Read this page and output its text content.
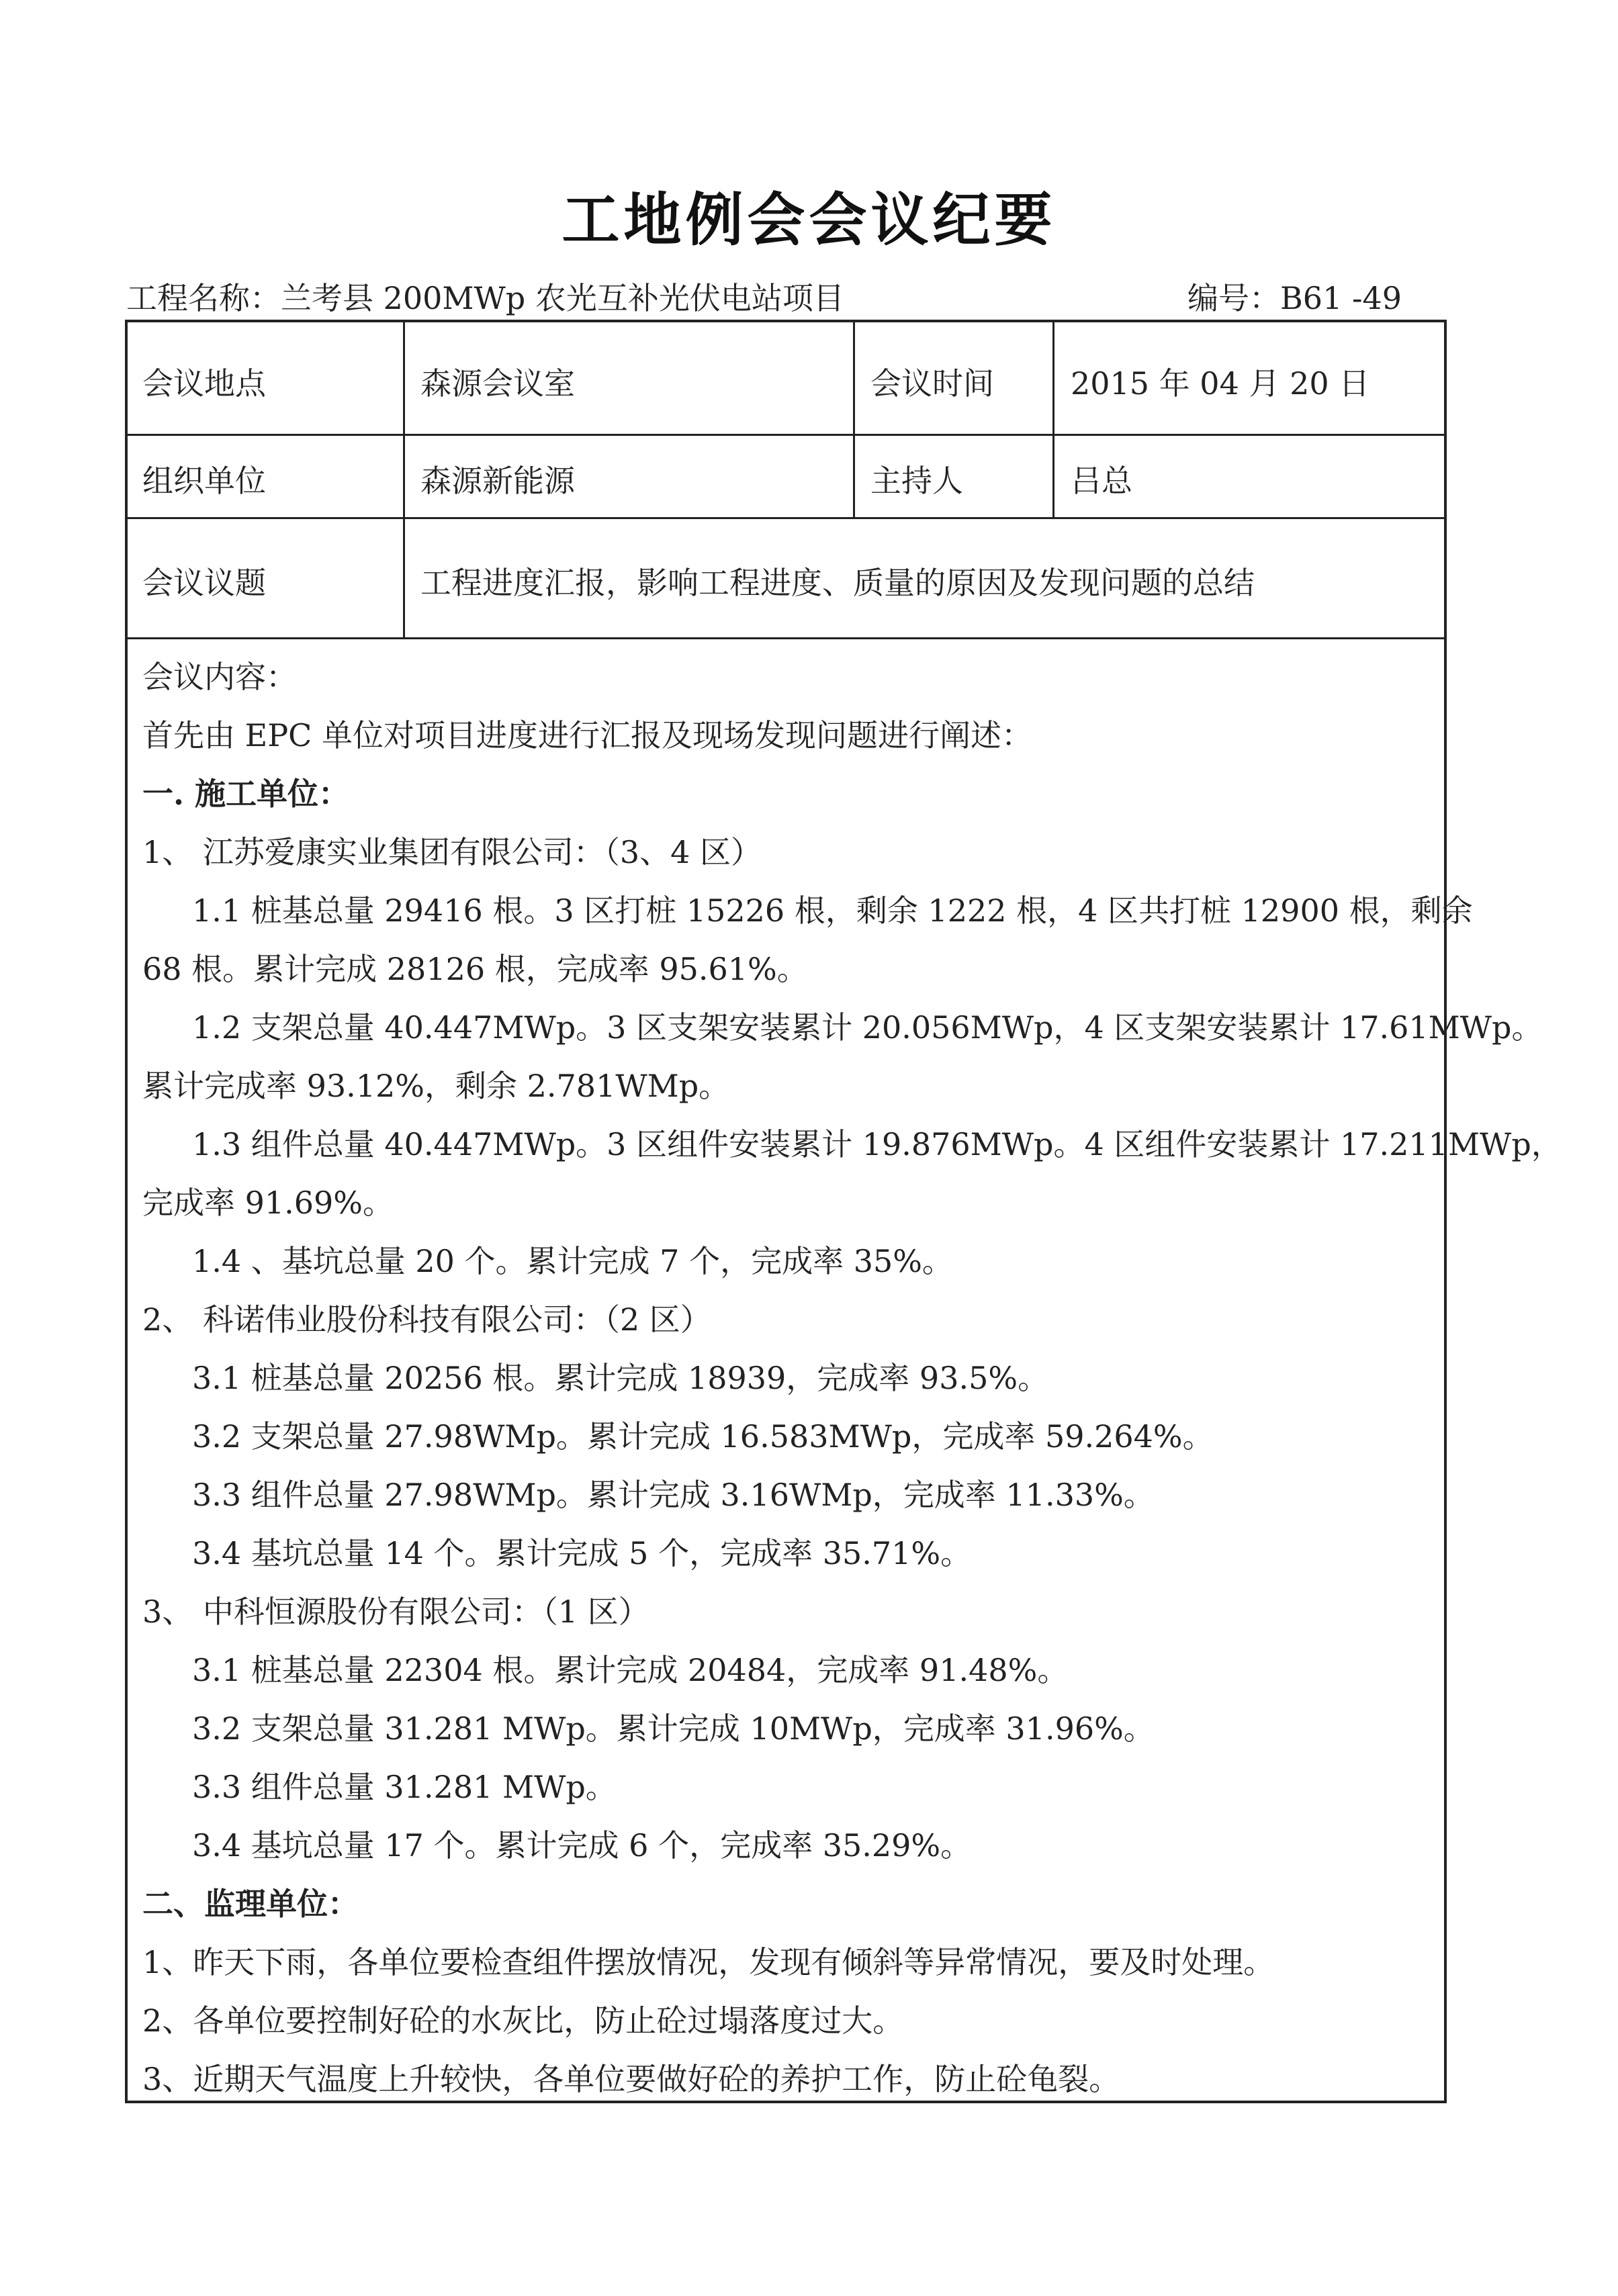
工地例会会议纪要
工程名称：兰考县 200MWp 农光互补光伏电站项目	编号：B61 -49
会议地点	森源会议室	会议时间 2015 年 04 月 20 日
组织单位	森源新能源	主持人	吕总
会议议题	工程进度汇报，影响工程进度、质量的原因及发现问题的总结
会议内容：
首先由 EPC 单位对项目进度进行汇报及现场发现问题进行阐述：
一. 施工单位：
1、 江苏爱康实业集团有限公司：（3、4 区）
1.1 桩基总量 29416 根。3 区打桩 15226 根，剩余 1222 根，4 区共打桩 12900 根，剩余
68 根。累计完成 28126 根，完成率 95.61%。
1.2 支架总量 40.447MWp。3 区支架安装累计 20.056MWp，4 区支架安装累计 17.61MWp。
累计完成率 93.12%，剩余 2.781WMp。
1.3 组件总量 40.447MWp。3 区组件安装累计 19.876MWp。4 区组件安装累计 17.211MWp，
完成率 91.69%。
1.4 、基坑总量 20 个。累计完成 7 个，完成率 35%。
2、 科诺伟业股份科技有限公司：（2 区）
3.1 桩基总量 20256 根。累计完成 18939，完成率 93.5%。
3.2 支架总量 27.98WMp。累计完成 16.583MWp，完成率 59.264%。
3.3 组件总量 27.98WMp。累计完成 3.16WMp，完成率 11.33%。
3.4 基坑总量 14 个。累计完成 5 个，完成率 35.71%。
3、 中科恒源股份有限公司：（1 区）
3.1 桩基总量 22304 根。累计完成 20484，完成率 91.48%。
3.2 支架总量 31.281 MWp。累计完成 10MWp，完成率 31.96%。
3.3 组件总量 31.281 MWp。
3.4 基坑总量 17 个。累计完成 6 个，完成率 35.29%。
二、监理单位：
1、昨天下雨，各单位要检查组件摆放情况，发现有倾斜等异常情况，要及时处理。
2、各单位要控制好砼的水灰比，防止砼过塌落度过大。
3、近期天气温度上升较快，各单位要做好砼的养护工作，防止砼龟裂。
